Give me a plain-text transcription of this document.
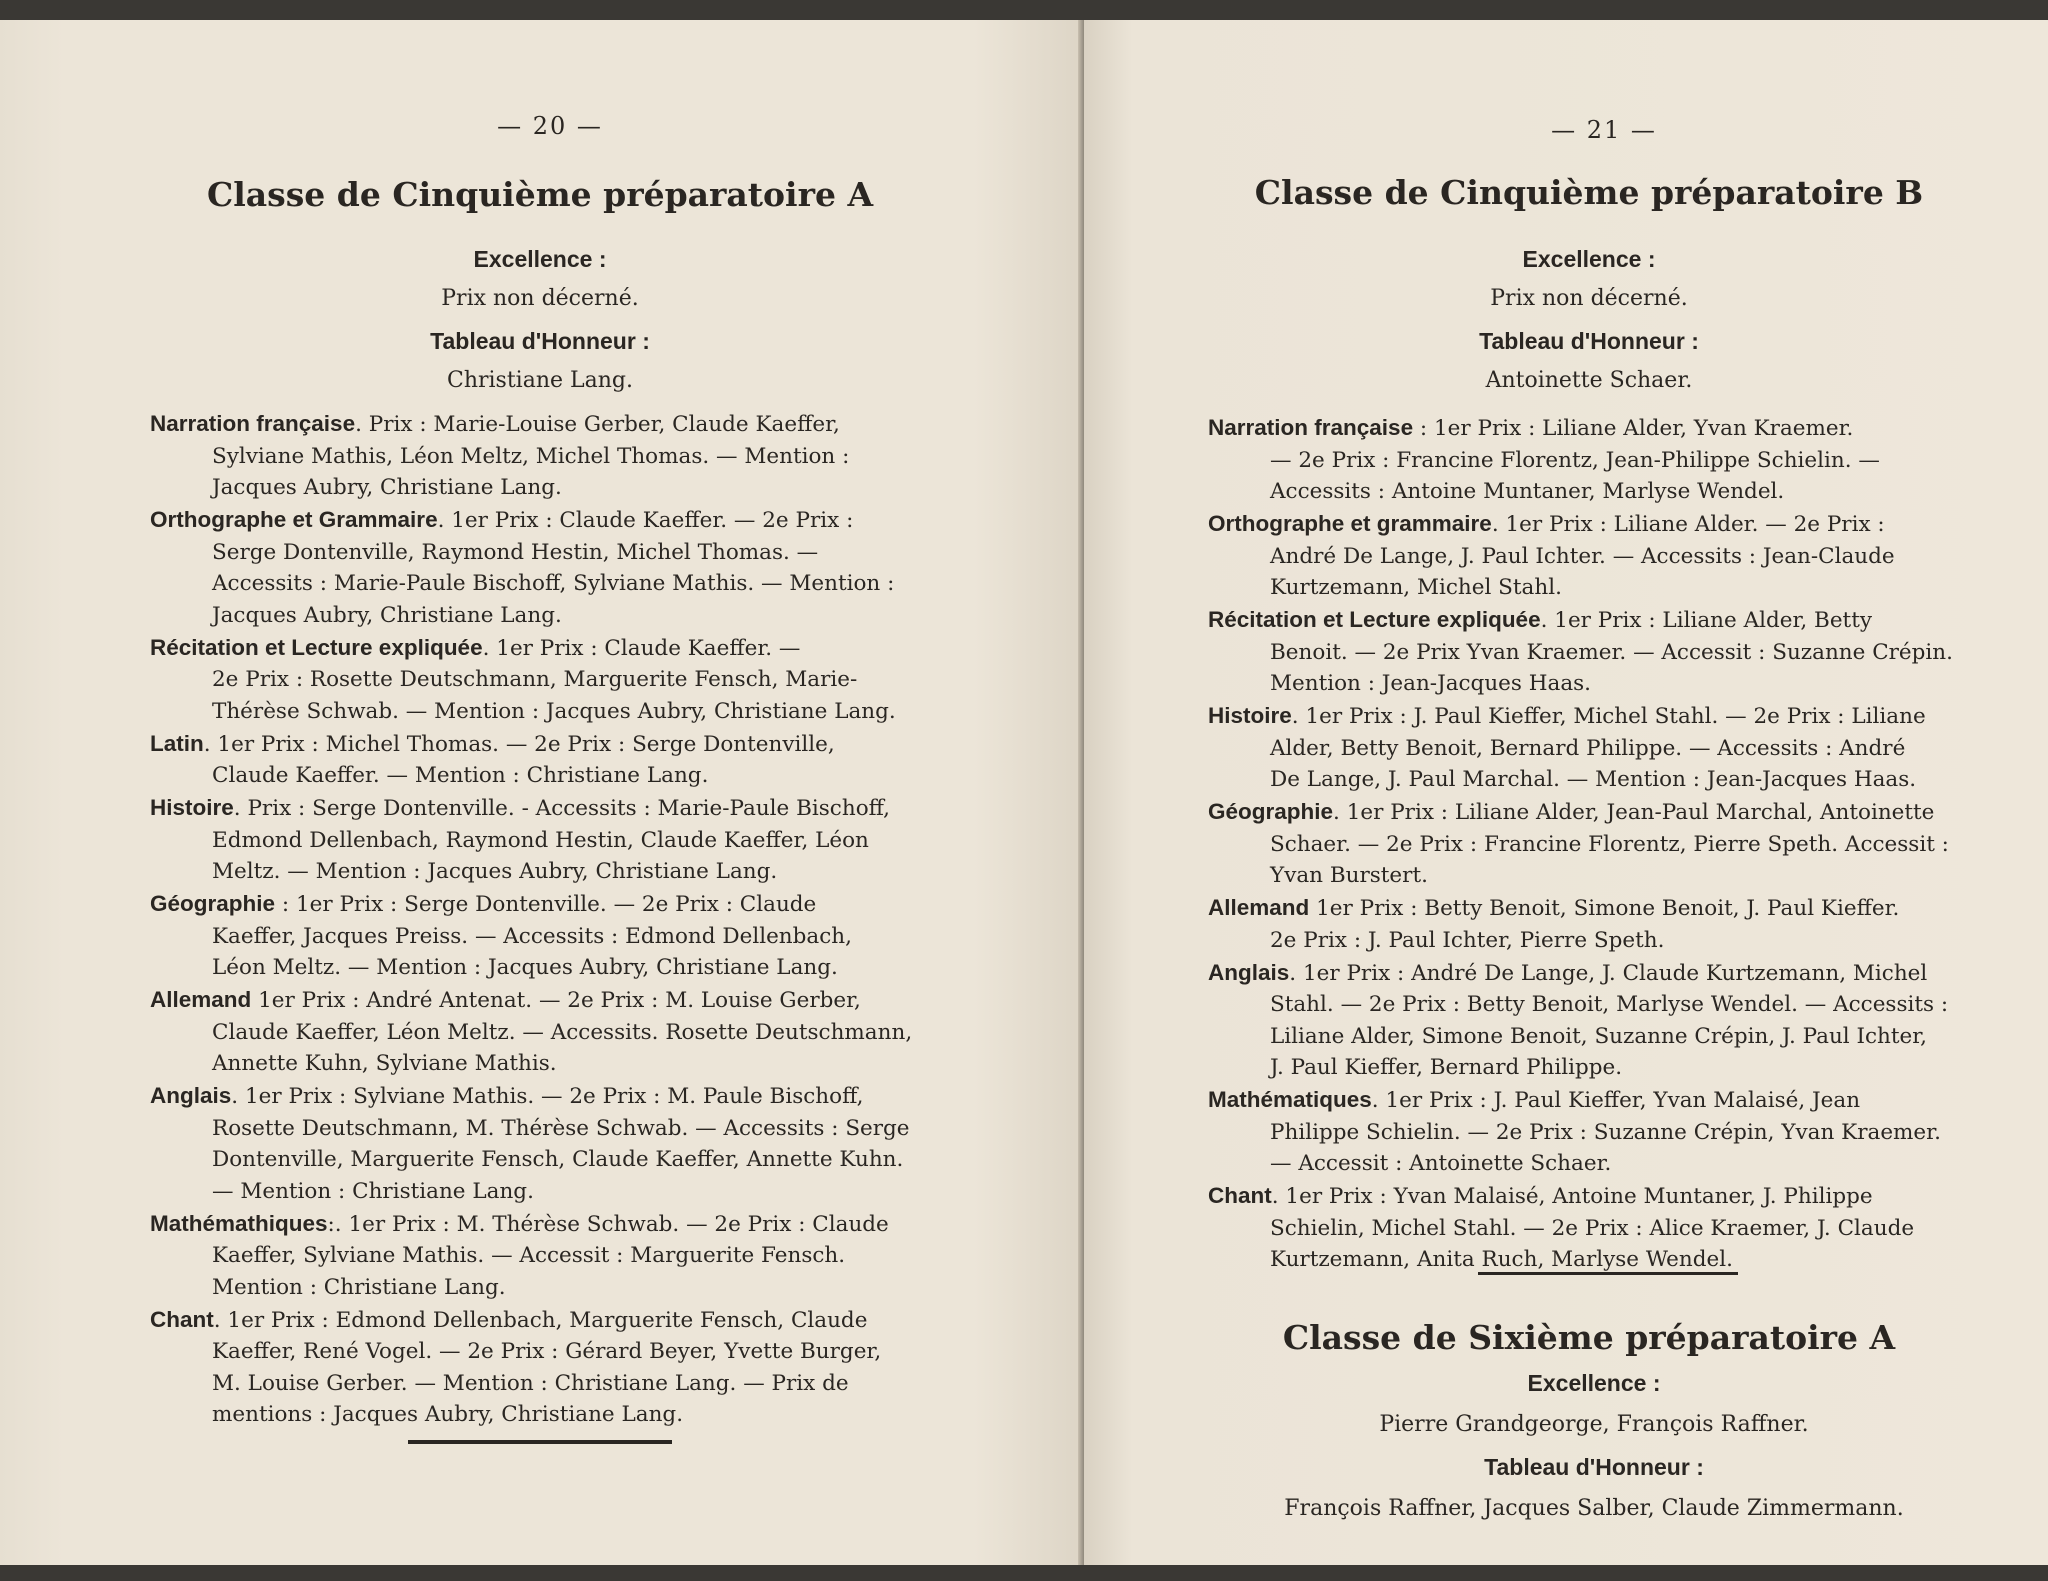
— 20 —
Classe de Cinquième préparatoire A
Excellence :
Prix non décerné.
Tableau d'Honneur :
Christiane Lang.
Narration française. Prix : Marie-Louise Gerber, Claude Kaeffer,
Sylviane Mathis, Léon Meltz, Michel Thomas. — Mention :
Jacques Aubry, Christiane Lang.
Orthographe et Grammaire. 1er Prix : Claude Kaeffer. — 2e Prix :
Serge Dontenville, Raymond Hestin, Michel Thomas. —
Accessits : Marie-Paule Bischoff, Sylviane Mathis. — Mention :
Jacques Aubry, Christiane Lang.
Récitation et Lecture expliquée. 1er Prix : Claude Kaeffer. —
2e Prix : Rosette Deutschmann, Marguerite Fensch, Marie-
Thérèse Schwab. — Mention : Jacques Aubry, Christiane Lang.
Latin. 1er Prix : Michel Thomas. — 2e Prix : Serge Dontenville,
Claude Kaeffer. — Mention : Christiane Lang.
Histoire. Prix : Serge Dontenville. - Accessits : Marie-Paule Bischoff,
Edmond Dellenbach, Raymond Hestin, Claude Kaeffer, Léon
Meltz. — Mention : Jacques Aubry, Christiane Lang.
Géographie : 1er Prix : Serge Dontenville. — 2e Prix : Claude
Kaeffer, Jacques Preiss. — Accessits : Edmond Dellenbach,
Léon Meltz. — Mention : Jacques Aubry, Christiane Lang.
Allemand 1er Prix : André Antenat. — 2e Prix : M. Louise Gerber,
Claude Kaeffer, Léon Meltz. — Accessits. Rosette Deutschmann,
Annette Kuhn, Sylviane Mathis.
Anglais. 1er Prix : Sylviane Mathis. — 2e Prix : M. Paule Bischoff,
Rosette Deutschmann, M. Thérèse Schwab. — Accessits : Serge
Dontenville, Marguerite Fensch, Claude Kaeffer, Annette Kuhn.
— Mention : Christiane Lang.
Mathémathiques:. 1er Prix : M. Thérèse Schwab. — 2e Prix : Claude
Kaeffer, Sylviane Mathis. — Accessit : Marguerite Fensch.
Mention : Christiane Lang.
Chant. 1er Prix : Edmond Dellenbach, Marguerite Fensch, Claude
Kaeffer, René Vogel. — 2e Prix : Gérard Beyer, Yvette Burger,
M. Louise Gerber. — Mention : Christiane Lang. — Prix de
mentions : Jacques Aubry, Christiane Lang.
— 21 —
Classe de Cinquième préparatoire B
Excellence :
Prix non décerné.
Tableau d'Honneur :
Antoinette Schaer.
Narration française : 1er Prix : Liliane Alder, Yvan Kraemer.
— 2e Prix : Francine Florentz, Jean-Philippe Schielin. —
Accessits : Antoine Muntaner, Marlyse Wendel.
Orthographe et grammaire. 1er Prix : Liliane Alder. — 2e Prix :
André De Lange, J. Paul Ichter. — Accessits : Jean-Claude
Kurtzemann, Michel Stahl.
Récitation et Lecture expliquée. 1er Prix : Liliane Alder, Betty
Benoit. — 2e Prix Yvan Kraemer. — Accessit : Suzanne Crépin.
Mention : Jean-Jacques Haas.
Histoire. 1er Prix : J. Paul Kieffer, Michel Stahl. — 2e Prix : Liliane
Alder, Betty Benoit, Bernard Philippe. — Accessits : André
De Lange, J. Paul Marchal. — Mention : Jean-Jacques Haas.
Géographie. 1er Prix : Liliane Alder, Jean-Paul Marchal, Antoinette
Schaer. — 2e Prix : Francine Florentz, Pierre Speth. Accessit :
Yvan Burstert.
Allemand 1er Prix : Betty Benoit, Simone Benoit, J. Paul Kieffer.
2e Prix : J. Paul Ichter, Pierre Speth.
Anglais. 1er Prix : André De Lange, J. Claude Kurtzemann, Michel
Stahl. — 2e Prix : Betty Benoit, Marlyse Wendel. — Accessits :
Liliane Alder, Simone Benoit, Suzanne Crépin, J. Paul Ichter,
J. Paul Kieffer, Bernard Philippe.
Mathématiques. 1er Prix : J. Paul Kieffer, Yvan Malaisé, Jean
Philippe Schielin. — 2e Prix : Suzanne Crépin, Yvan Kraemer.
— Accessit : Antoinette Schaer.
Chant. 1er Prix : Yvan Malaisé, Antoine Muntaner, J. Philippe
Schielin, Michel Stahl. — 2e Prix : Alice Kraemer, J. Claude
Kurtzemann, Anita Ruch, Marlyse Wendel.
Classe de Sixième préparatoire A
Excellence :
Pierre Grandgeorge, François Raffner.
Tableau d'Honneur :
François Raffner, Jacques Salber, Claude Zimmermann.
